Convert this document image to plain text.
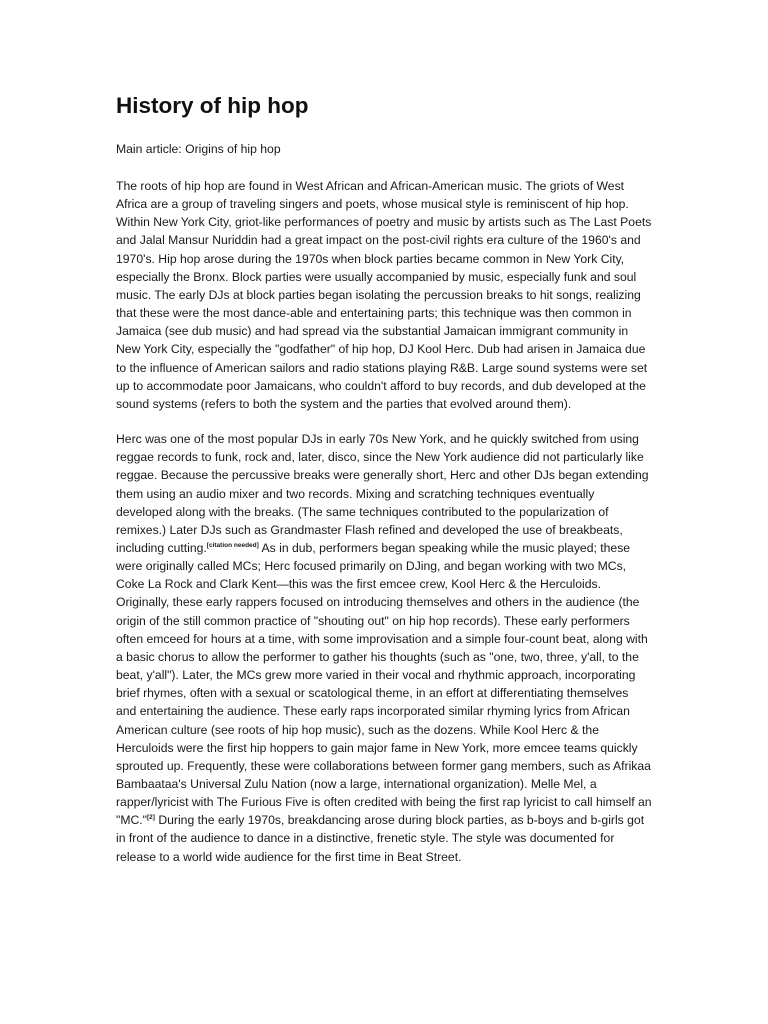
History of hip hop
Main article: Origins of hip hop

The roots of hip hop are found in West African and African-American music. The griots of West Africa are a group of traveling singers and poets, whose musical style is reminiscent of hip hop. Within New York City, griot-like performances of poetry and music by artists such as The Last Poets and Jalal Mansur Nuriddin had a great impact on the post-civil rights era culture of the 1960's and 1970's. Hip hop arose during the 1970s when block parties became common in New York City, especially the Bronx. Block parties were usually accompanied by music, especially funk and soul music. The early DJs at block parties began isolating the percussion breaks to hit songs, realizing that these were the most dance-able and entertaining parts; this technique was then common in Jamaica (see dub music) and had spread via the substantial Jamaican immigrant community in New York City, especially the "godfather" of hip hop, DJ Kool Herc. Dub had arisen in Jamaica due to the influence of American sailors and radio stations playing R&B. Large sound systems were set up to accommodate poor Jamaicans, who couldn't afford to buy records, and dub developed at the sound systems (refers to both the system and the parties that evolved around them).

Herc was one of the most popular DJs in early 70s New York, and he quickly switched from using reggae records to funk, rock and, later, disco, since the New York audience did not particularly like reggae. Because the percussive breaks were generally short, Herc and other DJs began extending them using an audio mixer and two records. Mixing and scratching techniques eventually developed along with the breaks. (The same techniques contributed to the popularization of remixes.) Later DJs such as Grandmaster Flash refined and developed the use of breakbeats, including cutting.[citation needed] As in dub, performers began speaking while the music played; these were originally called MCs; Herc focused primarily on DJing, and began working with two MCs, Coke La Rock and Clark Kent—this was the first emcee crew, Kool Herc & the Herculoids. Originally, these early rappers focused on introducing themselves and others in the audience (the origin of the still common practice of "shouting out" on hip hop records). These early performers often emceed for hours at a time, with some improvisation and a simple four-count beat, along with a basic chorus to allow the performer to gather his thoughts (such as "one, two, three, y'all, to the beat, y'all"). Later, the MCs grew more varied in their vocal and rhythmic approach, incorporating brief rhymes, often with a sexual or scatological theme, in an effort at differentiating themselves and entertaining the audience. These early raps incorporated similar rhyming lyrics from African American culture (see roots of hip hop music), such as the dozens. While Kool Herc & the Herculoids were the first hip hoppers to gain major fame in New York, more emcee teams quickly sprouted up. Frequently, these were collaborations between former gang members, such as Afrikaa Bambaataa's Universal Zulu Nation (now a large, international organization). Melle Mel, a rapper/lyricist with The Furious Five is often credited with being the first rap lyricist to call himself an "MC."[2] During the early 1970s, breakdancing arose during block parties, as b-boys and b-girls got in front of the audience to dance in a distinctive, frenetic style. The style was documented for release to a world wide audience for the first time in Beat Street.
